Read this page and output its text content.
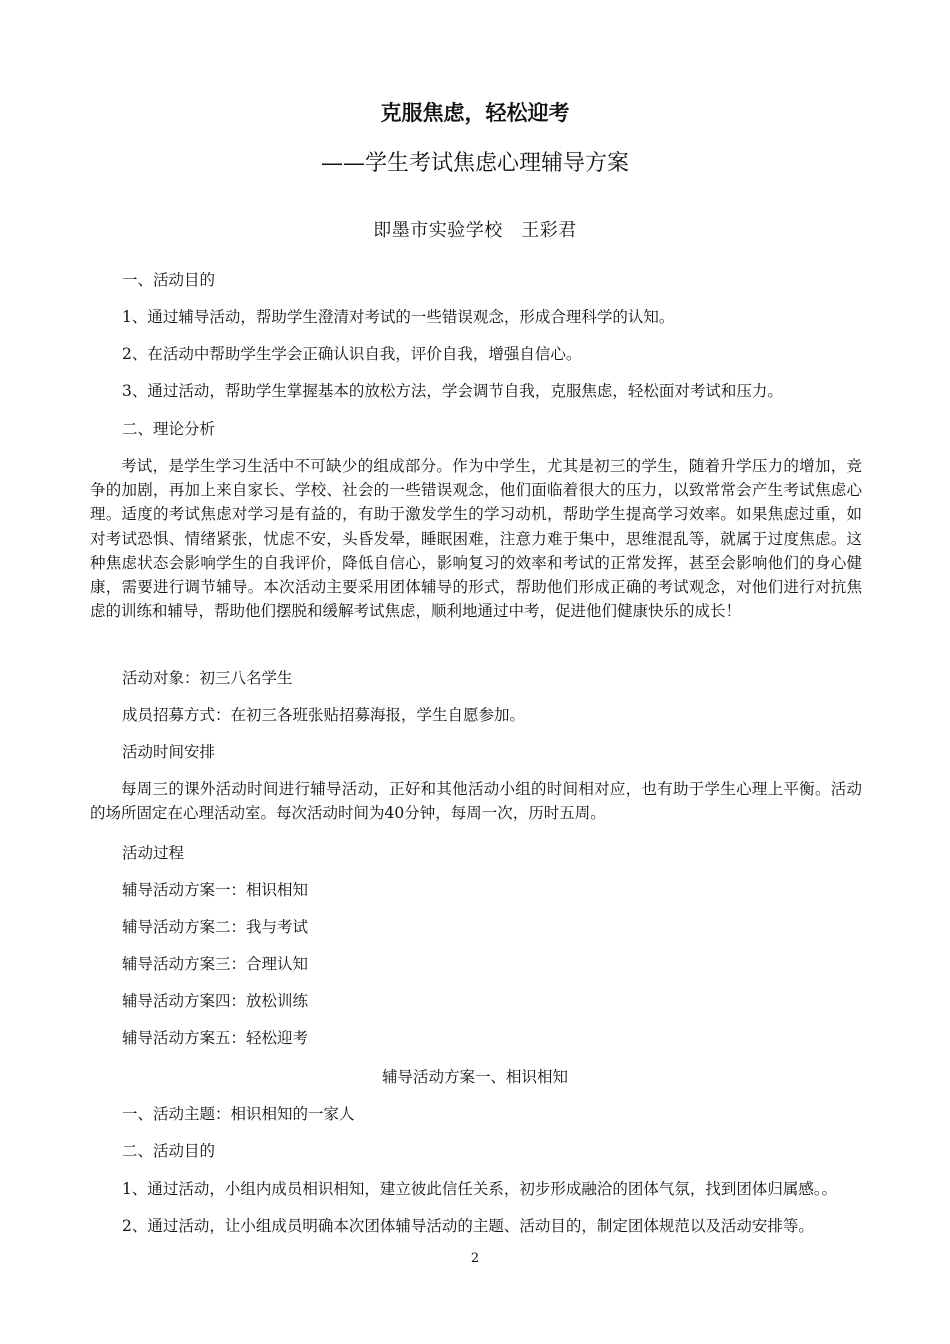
克服焦虑，轻松迎考
——学生考试焦虑心理辅导方案
即墨市实验学校　王彩君
一、活动目的
1、通过辅导活动，帮助学生澄清对考试的一些错误观念，形成合理科学的认知。
2、在活动中帮助学生学会正确认识自我，评价自我，增强自信心。
3、通过活动，帮助学生掌握基本的放松方法，学会调节自我，克服焦虑，轻松面对考试和压力。
二、理论分析
考试，是学生学习生活中不可缺少的组成部分。作为中学生，尤其是初三的学生，随着升学压力的增加，竞争的加剧，再加上来自家长、学校、社会的一些错误观念，他们面临着很大的压力，以致常常会产生考试焦虑心理。适度的考试焦虑对学习是有益的，有助于激发学生的学习动机，帮助学生提高学习效率。如果焦虑过重，如对考试恐惧、情绪紧张，忧虑不安，头昏发晕，睡眠困难，注意力难于集中，思维混乱等，就属于过度焦虑。这种焦虑状态会影响学生的自我评价，降低自信心，影响复习的效率和考试的正常发挥，甚至会影响他们的身心健康，需要进行调节辅导。本次活动主要采用团体辅导的形式，帮助他们形成正确的考试观念，对他们进行对抗焦虑的训练和辅导，帮助他们摆脱和缓解考试焦虑，顺利地通过中考，促进他们健康快乐的成长！
活动对象：初三八名学生
成员招募方式：在初三各班张贴招募海报，学生自愿参加。
活动时间安排
每周三的课外活动时间进行辅导活动，正好和其他活动小组的时间相对应，也有助于学生心理上平衡。活动的场所固定在心理活动室。每次活动时间为40分钟，每周一次，历时五周。
活动过程
辅导活动方案一：相识相知
辅导活动方案二：我与考试
辅导活动方案三：合理认知
辅导活动方案四：放松训练
辅导活动方案五：轻松迎考
辅导活动方案一、相识相知
一、活动主题：相识相知的一家人
二、活动目的
1、通过活动，小组内成员相识相知，建立彼此信任关系，初步形成融洽的团体气氛，找到团体归属感。。
2、通过活动，让小组成员明确本次团体辅导活动的主题、活动目的，制定团体规范以及活动安排等。
2
